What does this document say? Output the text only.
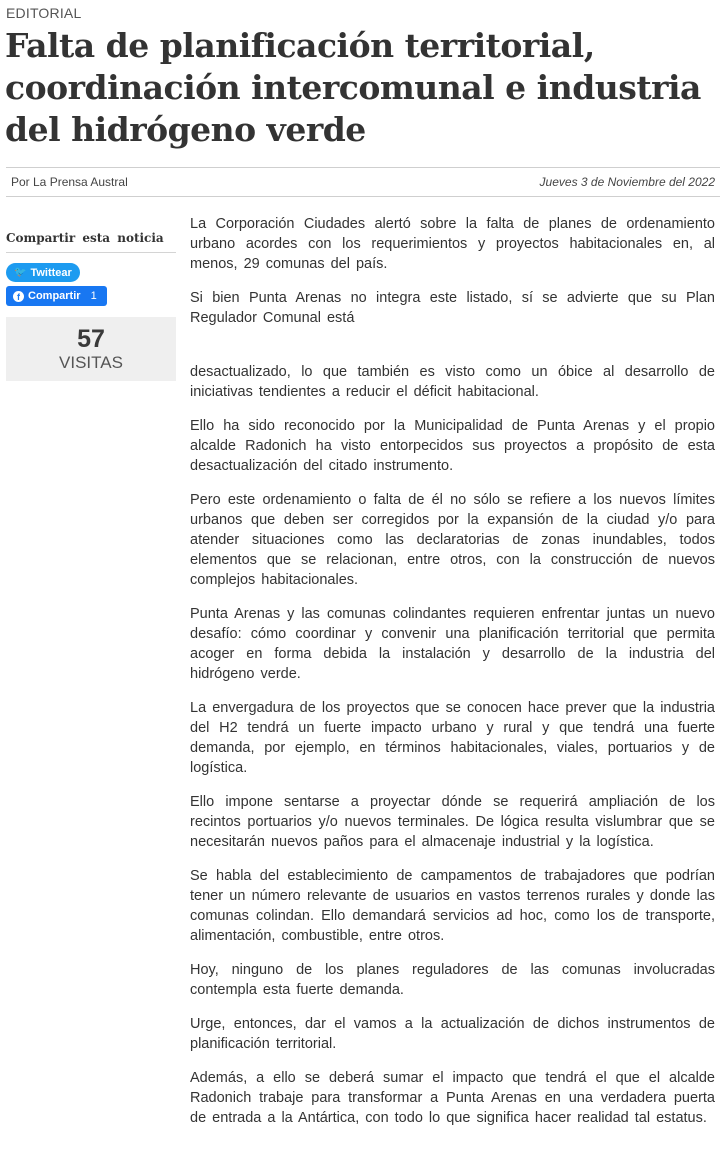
EDITORIAL
Falta de planificación territorial, coordinación intercomunal e industria del hidrógeno verde
Por La Prensa Austral	Jueves 3 de Noviembre del 2022
Compartir esta noticia
🐦 Twittear
f Compartir 1
57
VISITAS

La Corporación Ciudades alertó sobre la falta de planes de ordenamiento urbano acordes con los requerimientos y proyectos habitacionales en, al menos, 29 comunas del país.

Si bien Punta Arenas no integra este listado, sí se advierte que su Plan Regulador Comunal está

desactualizado, lo que también es visto como un óbice al desarrollo de iniciativas tendientes a reducir el déficit habitacional.

Ello ha sido reconocido por la Municipalidad de Punta Arenas y el propio alcalde Radonich ha visto entorpecidos sus proyectos a propósito de esta desactualización del citado instrumento.

Pero este ordenamiento o falta de él no sólo se refiere a los nuevos límites urbanos que deben ser corregidos por la expansión de la ciudad y/o para atender situaciones como las declaratorias de zonas inundables, todos elementos que se relacionan, entre otros, con la construcción de nuevos complejos habitacionales.

Punta Arenas y las comunas colindantes requieren enfrentar juntas un nuevo desafío: cómo coordinar y convenir una planificación territorial que permita acoger en forma debida la instalación y desarrollo de la industria del hidrógeno verde.

La envergadura de los proyectos que se conocen hace prever que la industria del H2 tendrá un fuerte impacto urbano y rural y que tendrá una fuerte demanda, por ejemplo, en términos habitacionales, viales, portuarios y de logística.

Ello impone sentarse a proyectar dónde se requerirá ampliación de los recintos portuarios y/o nuevos terminales. De lógica resulta vislumbrar que se necesitarán nuevos paños para el almacenaje industrial y la logística.

Se habla del establecimiento de campamentos de trabajadores que podrían tener un número relevante de usuarios en vastos terrenos rurales y donde las comunas colindan. Ello demandará servicios ad hoc, como los de transporte, alimentación, combustible, entre otros.

Hoy, ninguno de los planes reguladores de las comunas involucradas contempla esta fuerte demanda.

Urge, entonces, dar el vamos a la actualización de dichos instrumentos de planificación territorial.

Además, a ello se deberá sumar el impacto que tendrá el que el alcalde Radonich trabaje para transformar a Punta Arenas en una verdadera puerta de entrada a la Antártica, con todo lo que significa hacer realidad tal estatus.
